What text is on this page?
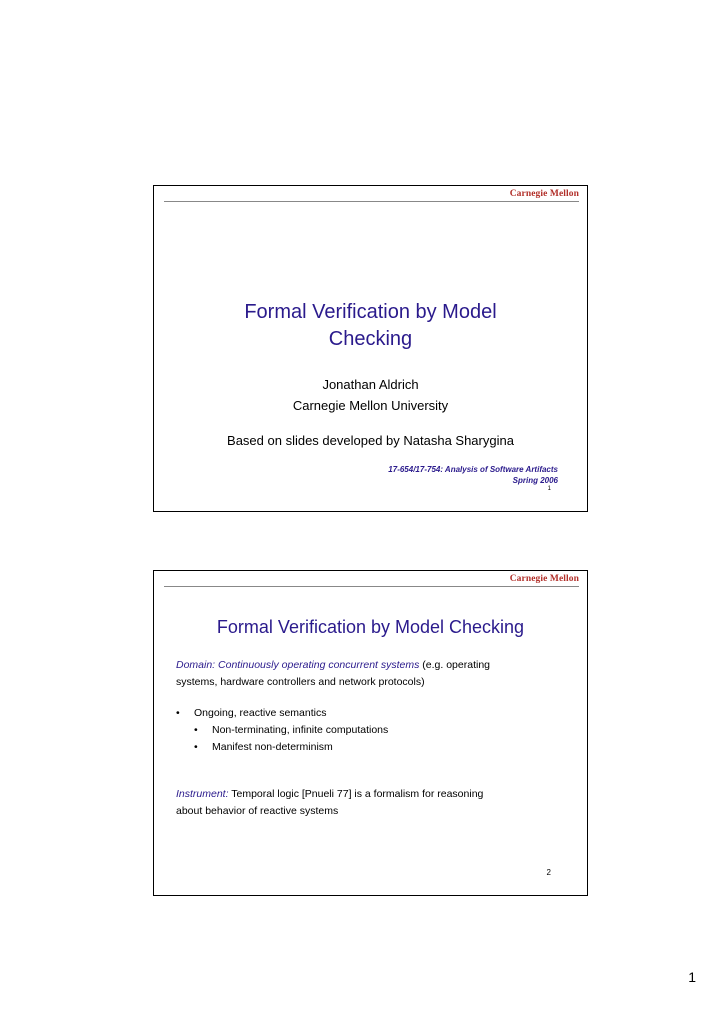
Carnegie Mellon
Formal Verification by Model
Checking
Jonathan Aldrich
Carnegie Mellon University
Based on slides developed by Natasha Sharygina
17-654/17-754: Analysis of Software Artifacts
Spring 2006
1
Carnegie Mellon
Formal Verification by Model Checking
Domain: Continuously operating concurrent systems (e.g. operating
systems, hardware controllers and network protocols)
• Ongoing, reactive semantics
• Non-terminating, infinite computations
• Manifest non-determinism
Instrument: Temporal logic [Pnueli 77] is a formalism for reasoning
about behavior of reactive systems
2
1
